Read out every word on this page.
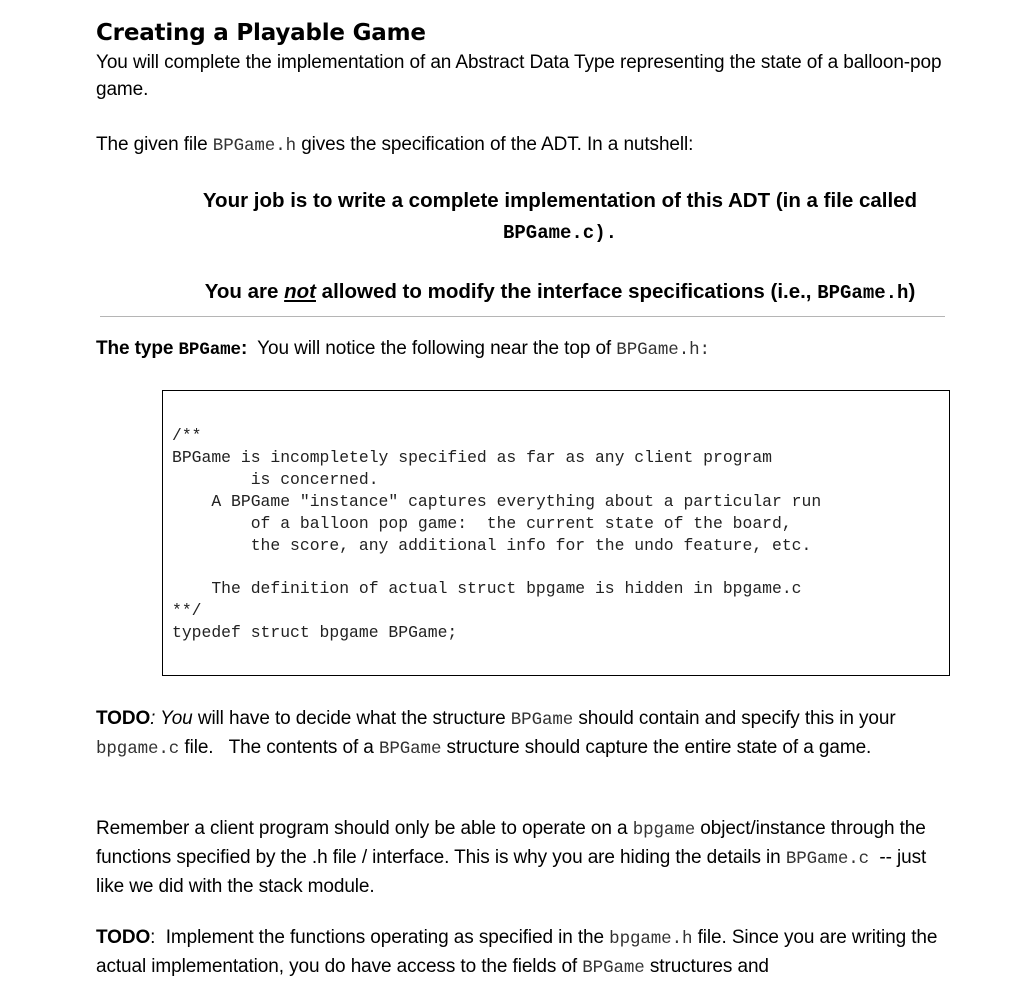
Creating a Playable Game

You will complete the implementation of an Abstract Data Type representing the state of a balloon-pop game.

The given file BPGame.h gives the specification of the ADT. In a nutshell:

Your job is to write a complete implementation of this ADT (in a file called
BPGame.c).

You are not allowed to modify the interface specifications (i.e., BPGame.h)

The type BPGame:  You will notice the following near the top of BPGame.h:

/**
BPGame is incompletely specified as far as any client program
is concerned.
A BPGame "instance" captures everything about a particular run
of a balloon pop game:  the current state of the board,
the score, any additional info for the undo feature, etc.

The definition of actual struct bpgame is hidden in bpgame.c
**/
typedef struct bpgame BPGame;

TODO: You will have to decide what the structure BPGame should contain and specify this in your bpgame.c file.   The contents of a BPGame structure should capture the entire state of a game.

Remember a client program should only be able to operate on a bpgame object/instance through the functions specified by the .h file / interface. This is why you are hiding the details in BPGame.c  -- just like we did with the stack module.

TODO:  Implement the functions operating as specified in the bpgame.h file. Since you are writing the actual implementation, you do have access to the fields of BPGame structures and
